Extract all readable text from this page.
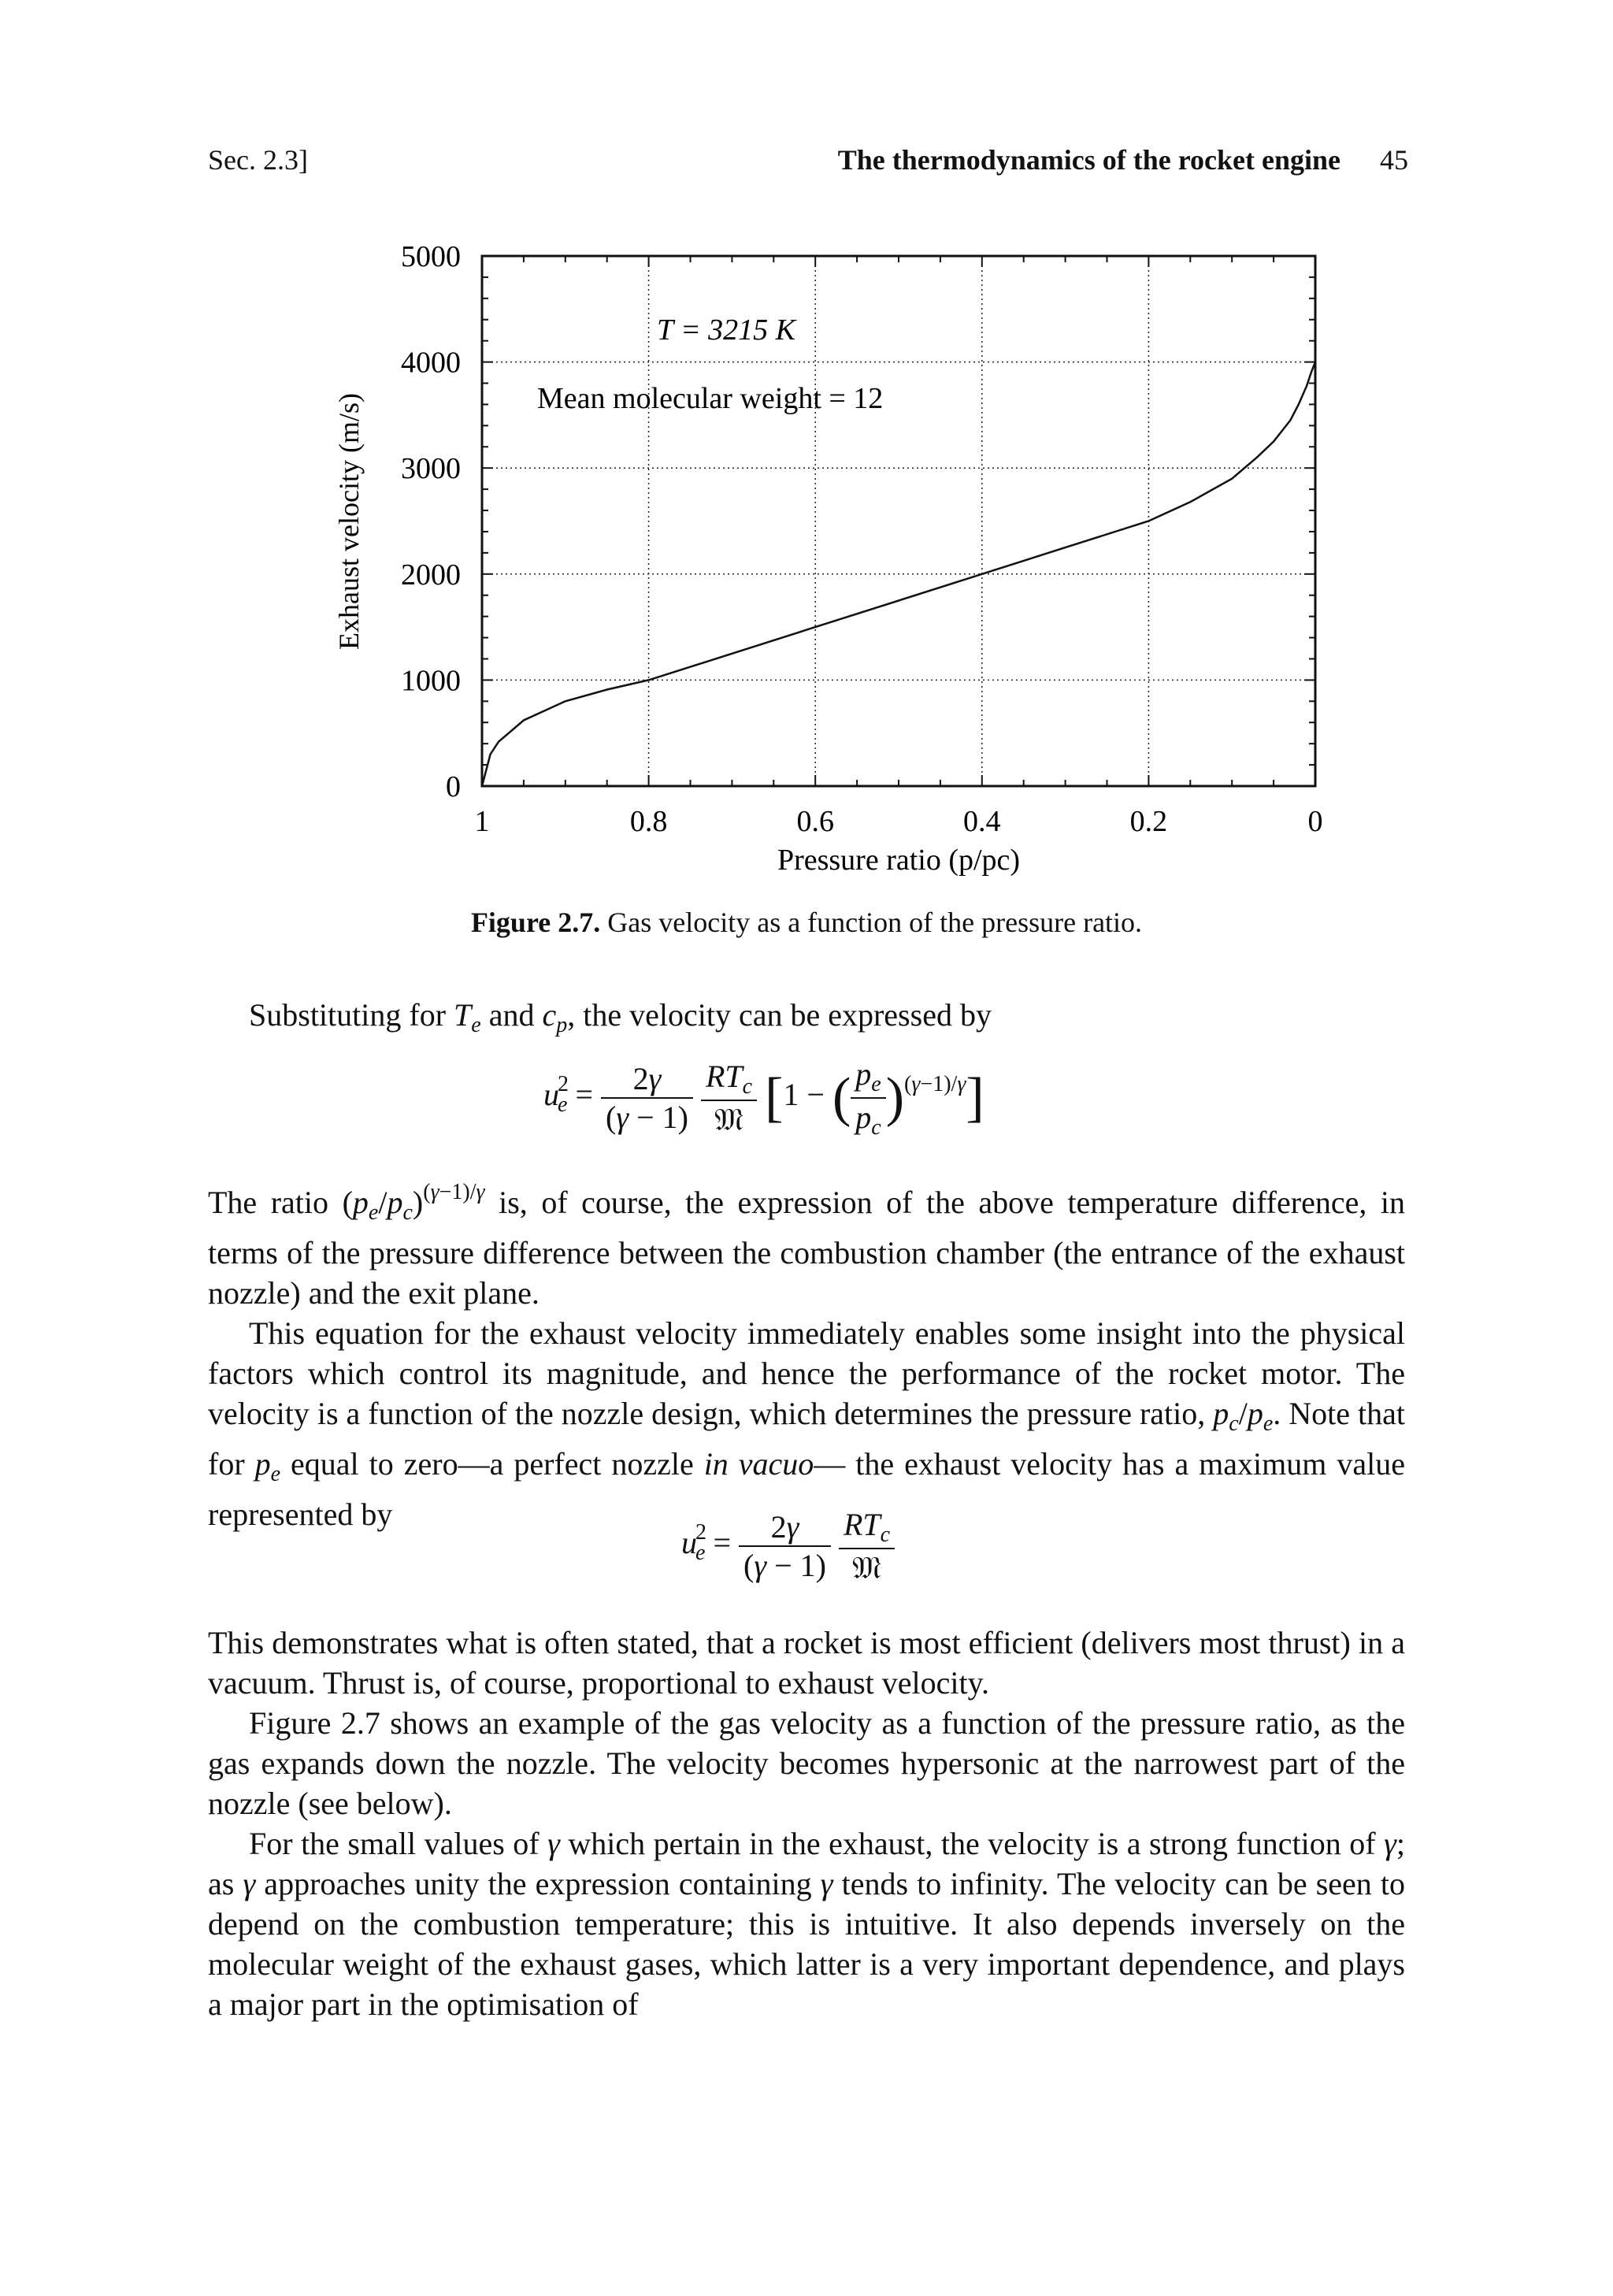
Sec. 2.3]	The thermodynamics of the rocket engine 45
0
1000
2000
3000
4000
5000
1	0.8	0.6	0.4	0.2	0
Mean molecular weight = 12
T = 3215 K
Exhaust velocity (m/s)
Pressure ratio (p/pc)
Figure 2.7. Gas velocity as a function of the pressure ratio.

Substituting for $T_e$ and $c_p$, the velocity can be expressed by

$u^2_e = \frac{2\gamma}{(\gamma - 1)}$
$\frac{RT_c}{\text{𝔐}} [1$ − ( $\frac{p_e}{p_c} )^{(\gamma-1)/\gamma}$]

The ratio $(p_e/p_c)^{(\gamma-1)/\gamma}$ is, of course, the expression of the above temperature difference, in terms of the pressure difference between the combustion chamber (the entrance of the exhaust nozzle) and the exit plane.

This equation for the exhaust velocity immediately enables some insight into the physical factors which control its magnitude, and hence the performance of the rocket motor. The velocity is a function of the nozzle design, which determines the pressure ratio, $p_c/p_e$. Note that for $p_e$ equal to zero—a perfect nozzle in vacuo— the exhaust velocity has a maximum value represented by

$u^2_e = \frac{2\gamma}{(\gamma - 1)}$
$\frac{RT_c}{\text{𝔐}}$

This demonstrates what is often stated, that a rocket is most efficient (delivers most thrust) in a vacuum. Thrust is, of course, proportional to exhaust velocity.

Figure 2.7 shows an example of the gas velocity as a function of the pressure ratio, as the gas expands down the nozzle. The velocity becomes hypersonic at the narrowest part of the nozzle (see below).

For the small values of γ which pertain in the exhaust, the velocity is a strong function of γ; as γ approaches unity the expression containing γ tends to infinity. The velocity can be seen to depend on the combustion temperature; this is intuitive. It also depends inversely on the molecular weight of the exhaust gases, which latter is a very important dependence, and plays a major part in the optimisation of
